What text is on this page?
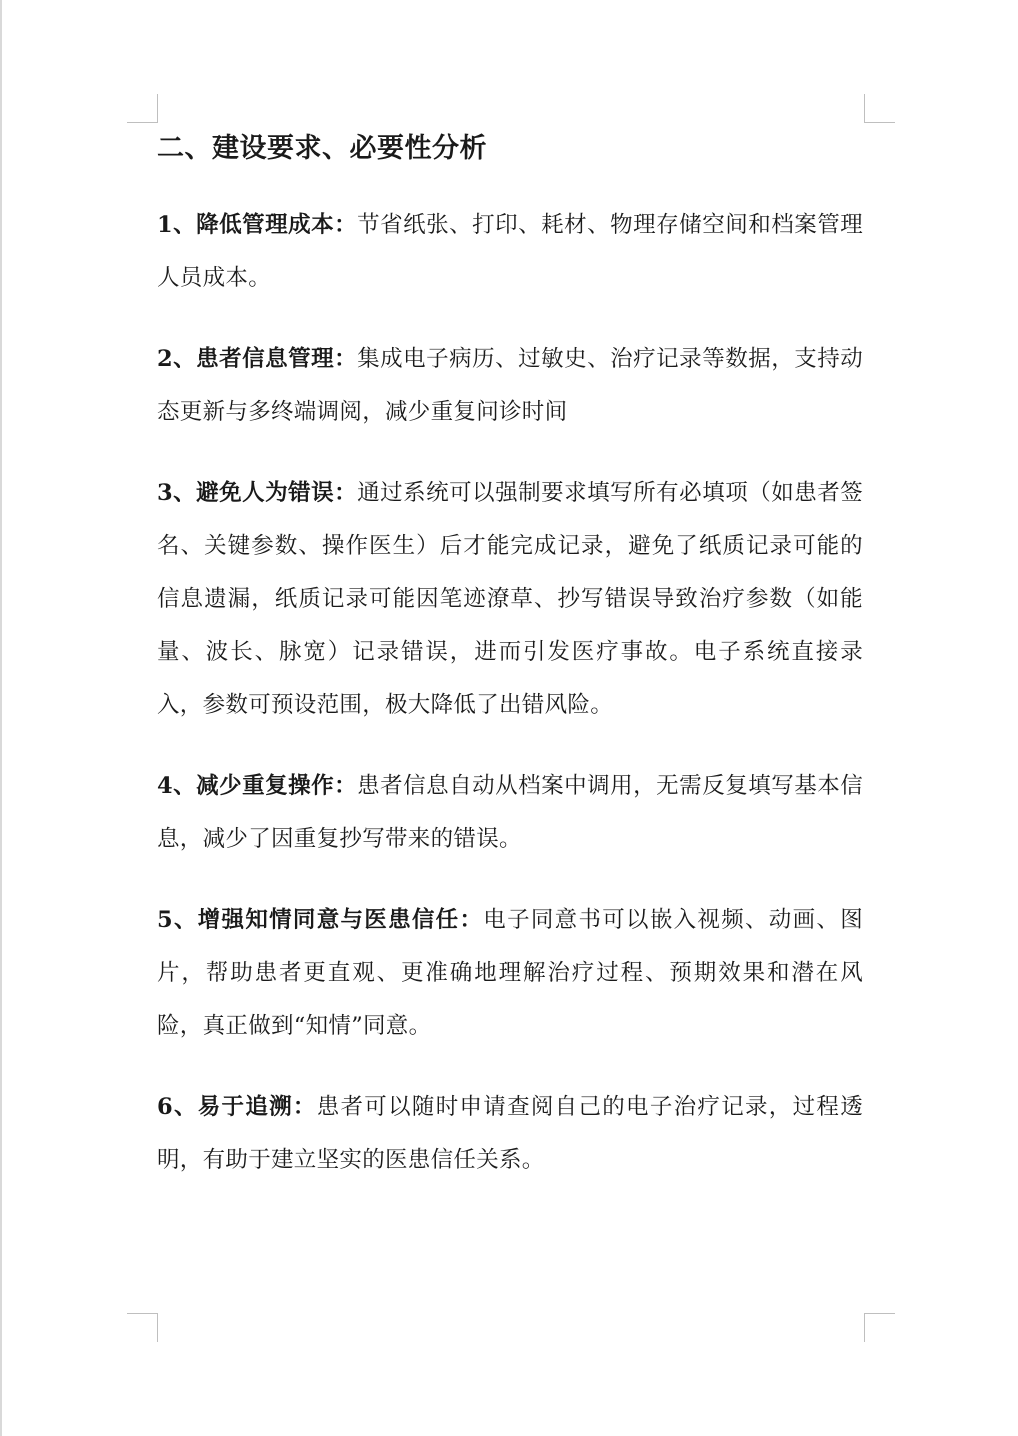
二、建设要求、必要性分析

1、降低管理成本：节省纸张、打印、耗材、物理存储空间和档案管理人员成本。

2、患者信息管理：集成电子病历、过敏史、治疗记录等数据，支持动态更新与多终端调阅，减少重复问诊时间

3、避免人为错误：通过系统可以强制要求填写所有必填项（如患者签名、关键参数、操作医生）后才能完成记录，避免了纸质记录可能的信息遗漏，纸质记录可能因笔迹潦草、抄写错误导致治疗参数（如能量、波长、脉宽）记录错误，进而引发医疗事故。电子系统直接录入，参数可预设范围，极大降低了出错风险。

4、减少重复操作：患者信息自动从档案中调用，无需反复填写基本信息，减少了因重复抄写带来的错误。

5、增强知情同意与医患信任：电子同意书可以嵌入视频、动画、图片，帮助患者更直观、更准确地理解治疗过程、预期效果和潜在风险，真正做到“知情”同意。

6、易于追溯：患者可以随时申请查阅自己的电子治疗记录，过程透明，有助于建立坚实的医患信任关系。
